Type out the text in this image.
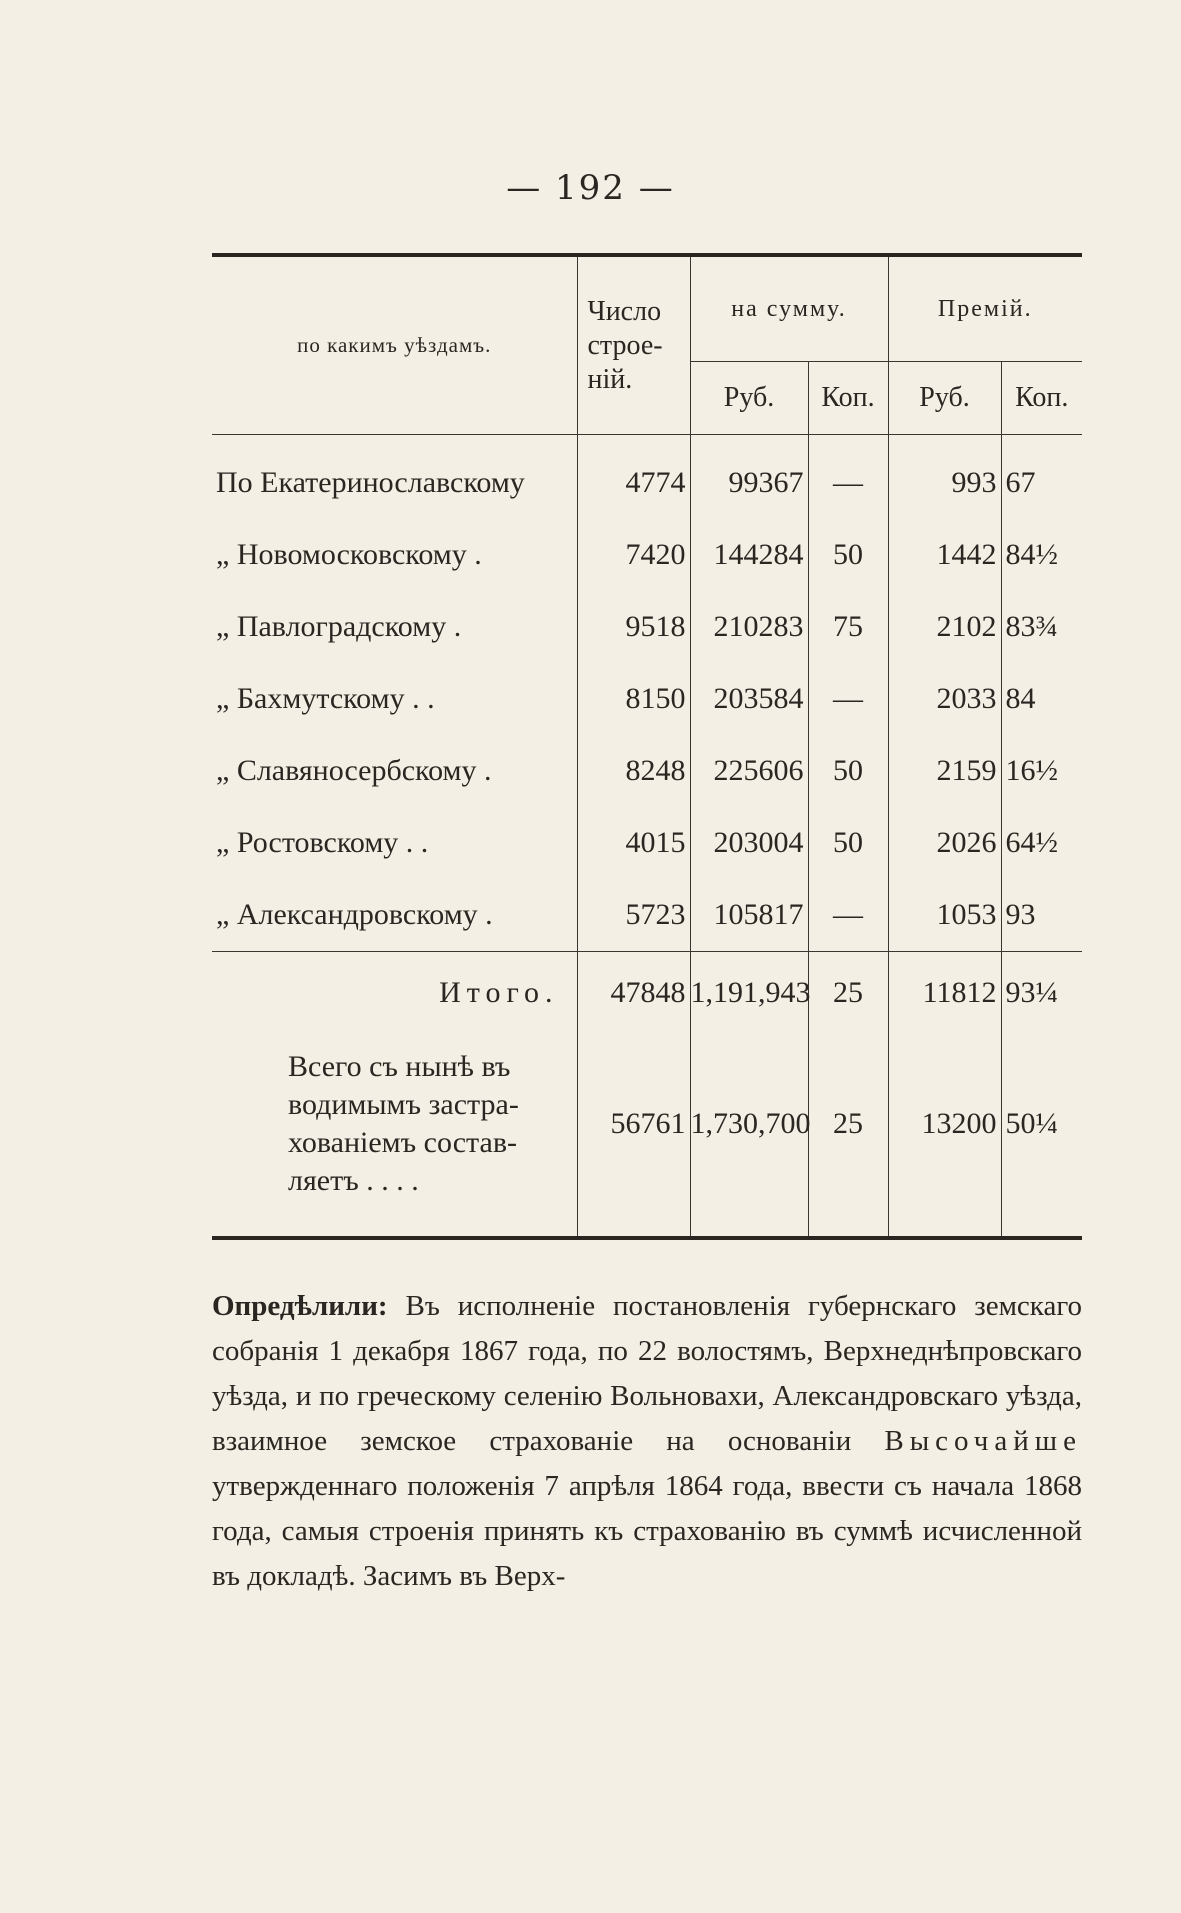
— 192 —
по какимъ уѣздамъ.	Число строе-ній.	на сумму.		Премій.	
		Руб.	Коп.	Руб.	Коп.

По Екатеринославскому	4774	99367	—	993	67
„ Новомосковскому .	7420	144284	50	1442	84½
„ Павлоградскому .	9518	210283	75	2102	83¾
„ Бахмутскому . .	8150	203584	—	2033	84
„ Славяносербскому .	8248	225606	50	2159	16½
„ Ростовскому . .	4015	203004	50	2026	64½
„ Александровскому .	5723	105817	—	1053	93
Итого.	47848	1,191,943	25	11812	93¼
Всего съ нынѣ въ водимымъ застра-хованіемъ состав-ляетъ . . . .	56761	1,730,700	25	13200	50¼
Опредѣлили: Въ исполненіе постановленія губернскаго земскаго собранія 1 декабря 1867 года, по 22 волостямъ, Верхнеднѣпровскаго уѣзда, и по греческому селенію Вольновахи, Александровскаго уѣзда, взаимное земское страхованіе на основаніи Высочайше утвержденнаго положенія 7 апрѣля 1864 года, ввести съ начала 1868 года, самыя строенія принять къ страхованію въ суммѣ исчисленной въ докладѣ. Засимъ въ Верх-
